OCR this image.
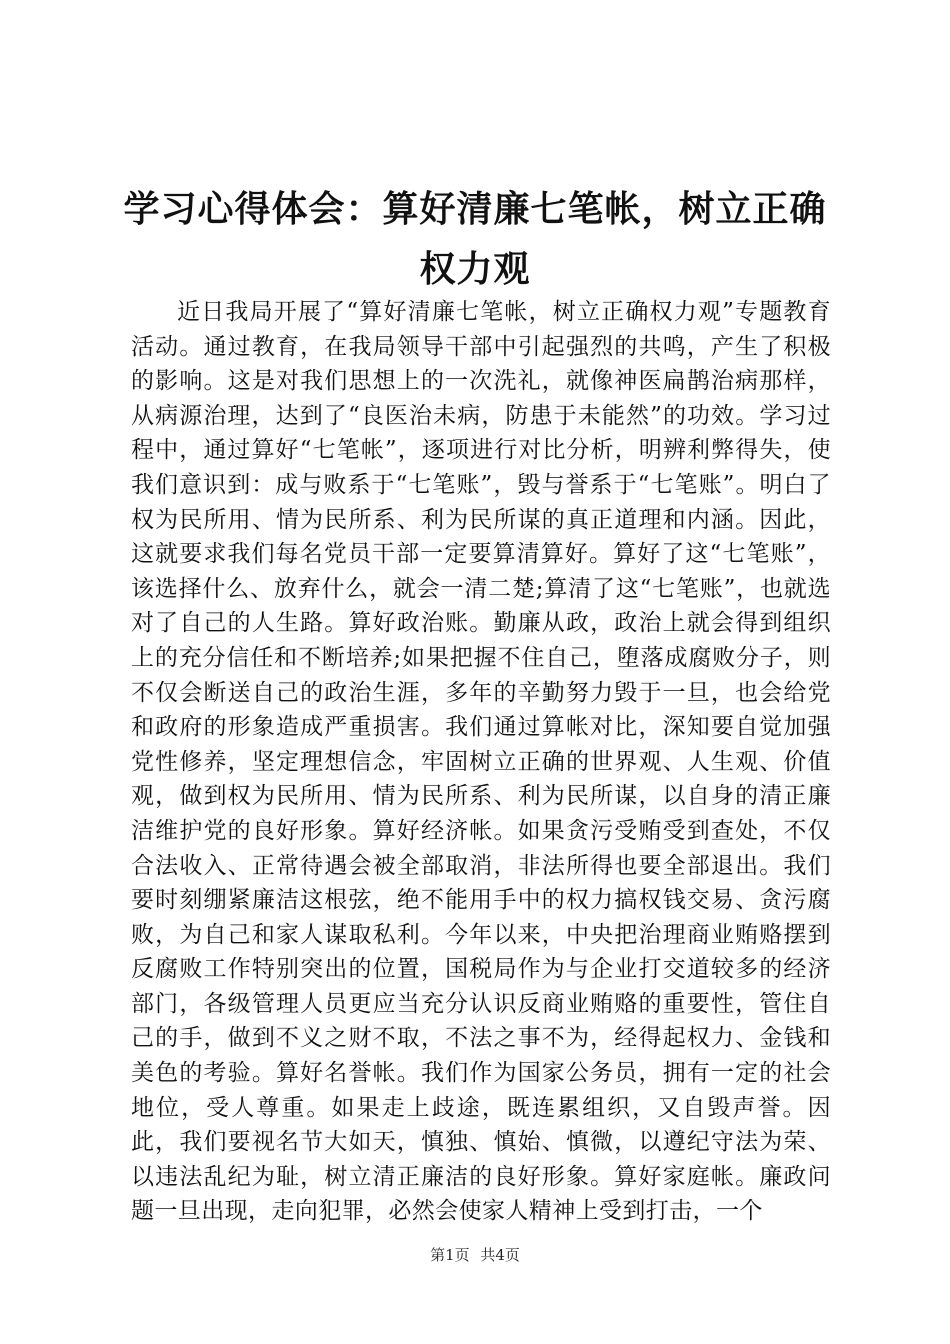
学习心得体会：算好清廉七笔帐，树立正确权力观

近日我局开展了“算好清廉七笔帐，树立正确权力观”专题教育活动。通过教育，在我局领导干部中引起强烈的共鸣，产生了积极的影响。这是对我们思想上的一次洗礼，就像神医扁鹊治病那样，从病源治理，达到了“良医治未病，防患于未能然”的功效。学习过程中，通过算好“七笔帐”，逐项进行对比分析，明辨利弊得失，使我们意识到：成与败系于“七笔账”，毁与誉系于“七笔账”。明白了权为民所用、情为民所系、利为民所谋的真正道理和内涵。因此，这就要求我们每名党员干部一定要算清算好。算好了这“七笔账”，该选择什么、放弃什么，就会一清二楚;算清了这“七笔账”，也就选对了自己的人生路。算好政治账。勤廉从政，政治上就会得到组织上的充分信任和不断培养;如果把握不住自己，堕落成腐败分子，则不仅会断送自己的政治生涯，多年的辛勤努力毁于一旦，也会给党和政府的形象造成严重损害。我们通过算帐对比，深知要自觉加强党性修养，坚定理想信念，牢固树立正确的世界观、人生观、价值观，做到权为民所用、情为民所系、利为民所谋，以自身的清正廉洁维护党的良好形象。算好经济帐。如果贪污受贿受到查处，不仅合法收入、正常待遇会被全部取消，非法所得也要全部退出。我们要时刻绷紧廉洁这根弦，绝不能用手中的权力搞权钱交易、贪污腐败，为自己和家人谋取私利。今年以来，中央把治理商业贿赂摆到反腐败工作特别突出的位置，国税局作为与企业打交道较多的经济部门，各级管理人员更应当充分认识反商业贿赂的重要性，管住自己的手，做到不义之财不取，不法之事不为，经得起权力、金钱和美色的考验。算好名誉帐。我们作为国家公务员，拥有一定的社会地位，受人尊重。如果走上歧途，既连累组织，又自毁声誉。因此，我们要视名节大如天，慎独、慎始、慎微，以遵纪守法为荣、以违法乱纪为耻，树立清正廉洁的良好形象。算好家庭帐。廉政问题一旦出现，走向犯罪，必然会使家人精神上受到打击，一个

第1页 共4页
